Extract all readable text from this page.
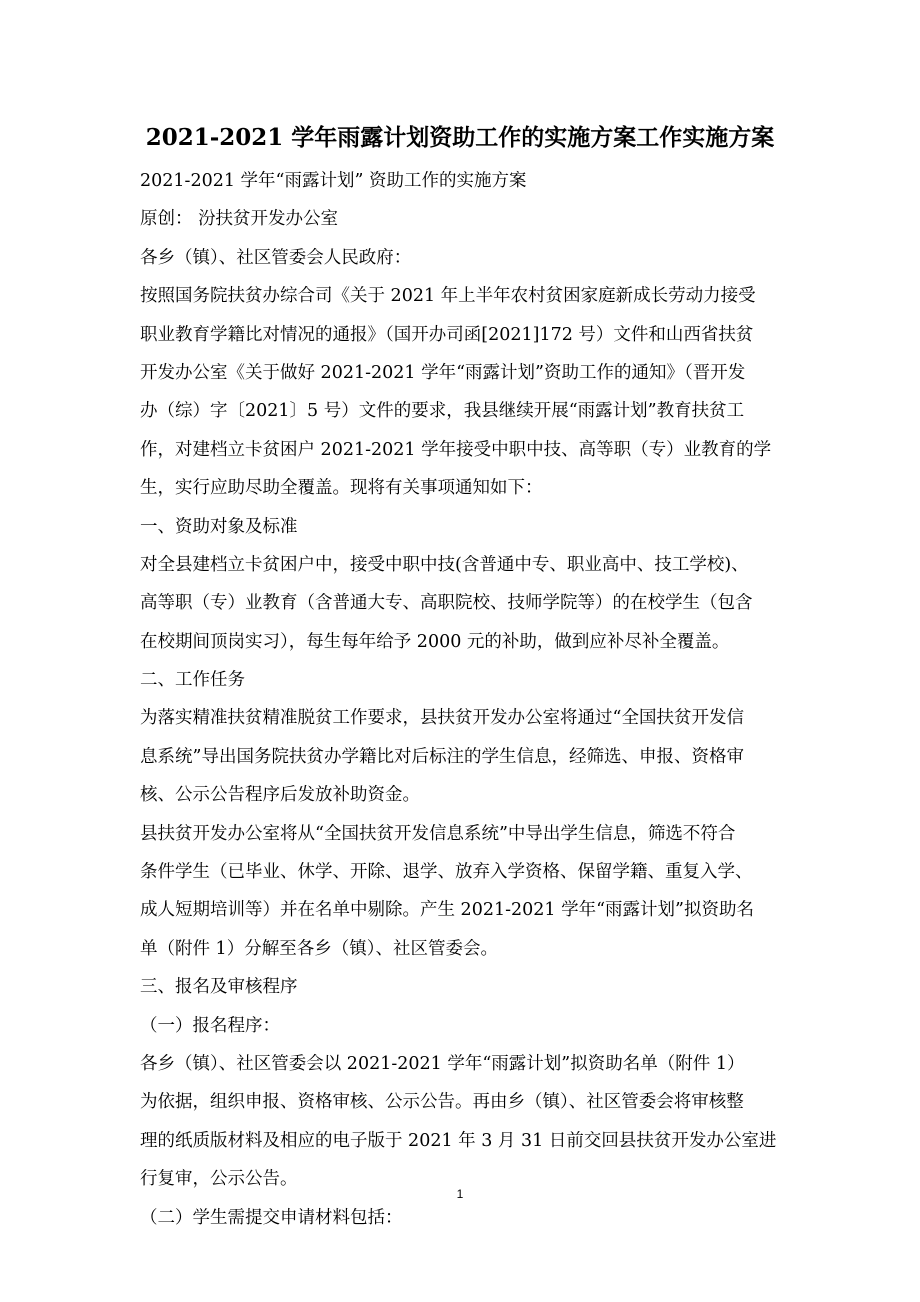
2021-2021 学年雨露计划资助工作的实施方案工作实施方案
2021-2021 学年“雨露计划” 资助工作的实施方案
原创： 汾扶贫开发办公室
各乡（镇）、社区管委会人民政府：
按照国务院扶贫办综合司《关于 2021 年上半年农村贫困家庭新成长劳动力接受
职业教育学籍比对情况的通报》（国开办司函[2021]172 号）文件和山西省扶贫
开发办公室《关于做好 2021-2021 学年“雨露计划”资助工作的通知》（晋开发
办（综）字〔2021〕5 号）文件的要求，我县继续开展“雨露计划”教育扶贫工
作，对建档立卡贫困户 2021-2021 学年接受中职中技、高等职（专）业教育的学
生，实行应助尽助全覆盖。现将有关事项通知如下：
一、资助对象及标准
对全县建档立卡贫困户中，接受中职中技(含普通中专、职业高中、技工学校)、
高等职（专）业教育（含普通大专、高职院校、技师学院等）的在校学生（包含
在校期间顶岗实习），每生每年给予 2000 元的补助，做到应补尽补全覆盖。
二、工作任务
为落实精准扶贫精准脱贫工作要求，县扶贫开发办公室将通过“全国扶贫开发信
息系统”导出国务院扶贫办学籍比对后标注的学生信息，经筛选、申报、资格审
核、公示公告程序后发放补助资金。
县扶贫开发办公室将从“全国扶贫开发信息系统”中导出学生信息，筛选不符合
条件学生（已毕业、休学、开除、退学、放弃入学资格、保留学籍、重复入学、
成人短期培训等）并在名单中剔除。产生 2021-2021 学年“雨露计划”拟资助名
单（附件 1）分解至各乡（镇）、社区管委会。
三、报名及审核程序
（一）报名程序：
各乡（镇）、社区管委会以 2021-2021 学年“雨露计划”拟资助名单（附件 1）
为依据，组织申报、资格审核、公示公告。再由乡（镇）、社区管委会将审核整
理的纸质版材料及相应的电子版于 2021 年 3 月 31 日前交回县扶贫开发办公室进
行复审，公示公告。
（二）学生需提交申请材料包括：
1
